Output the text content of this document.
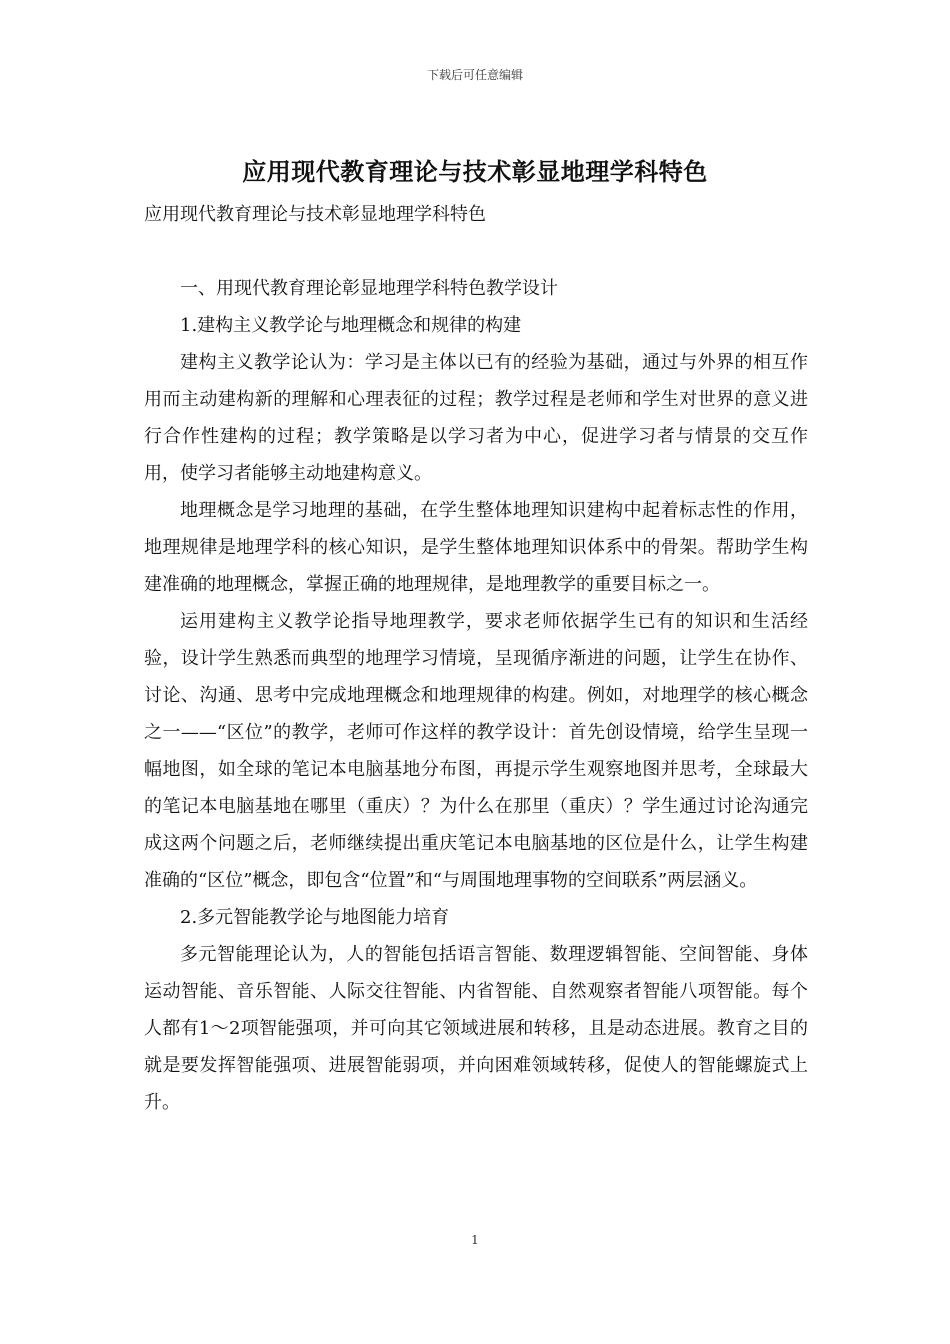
下载后可任意编辑
应用现代教育理论与技术彰显地理学科特色
应用现代教育理论与技术彰显地理学科特色

一、用现代教育理论彰显地理学科特色教学设计

1.建构主义教学论与地理概念和规律的构建

建构主义教学论认为：学习是主体以已有的经验为基础，通过与外界的相互作用而主动建构新的理解和心理表征的过程；教学过程是老师和学生对世界的意义进行合作性建构的过程；教学策略是以学习者为中心，促进学习者与情景的交互作用，使学习者能够主动地建构意义。

地理概念是学习地理的基础，在学生整体地理知识建构中起着标志性的作用，地理规律是地理学科的核心知识，是学生整体地理知识体系中的骨架。帮助学生构建准确的地理概念，掌握正确的地理规律，是地理教学的重要目标之一。

运用建构主义教学论指导地理教学，要求老师依据学生已有的知识和生活经验，设计学生熟悉而典型的地理学习情境，呈现循序渐进的问题，让学生在协作、讨论、沟通、思考中完成地理概念和地理规律的构建。例如，对地理学的核心概念之一——“区位”的教学，老师可作这样的教学设计：首先创设情境，给学生呈现一幅地图，如全球的笔记本电脑基地分布图，再提示学生观察地图并思考，全球最大的笔记本电脑基地在哪里（重庆）？为什么在那里（重庆）？学生通过讨论沟通完成这两个问题之后，老师继续提出重庆笔记本电脑基地的区位是什么，让学生构建准确的“区位”概念，即包含“位置”和“与周围地理事物的空间联系”两层涵义。

2.多元智能教学论与地图能力培育

多元智能理论认为，人的智能包括语言智能、数理逻辑智能、空间智能、身体运动智能、音乐智能、人际交往智能、内省智能、自然观察者智能八项智能。每个人都有1～2项智能强项，并可向其它领域进展和转移，且是动态进展。教育之目的就是要发挥智能强项、进展智能弱项，并向困难领域转移，促使人的智能螺旋式上升。

1
